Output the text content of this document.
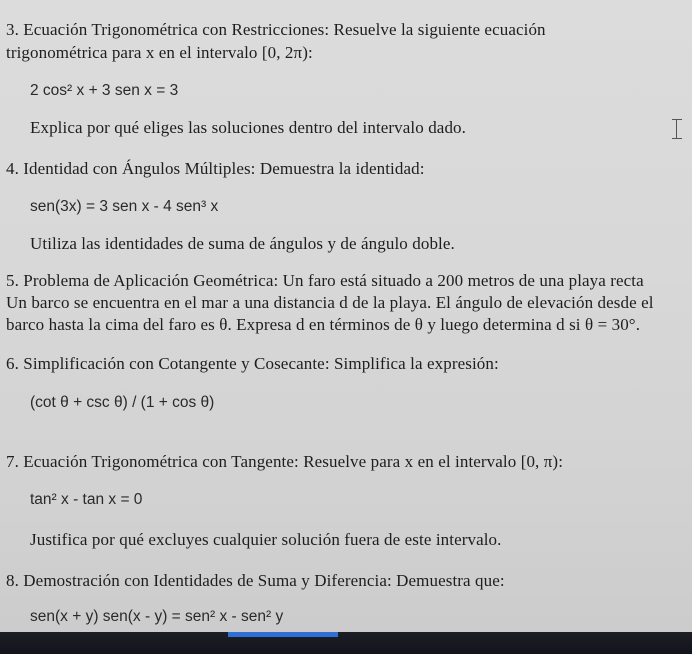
3. Ecuación Trigonométrica con Restricciones: Resuelve la siguiente ecuación
trigonométrica para x en el intervalo [0, 2π):
2 cos² x + 3 sen x = 3
Explica por qué eliges las soluciones dentro del intervalo dado.
4. Identidad con Ángulos Múltiples: Demuestra la identidad:
sen(3x) = 3 sen x - 4 sen³ x
Utiliza las identidades de suma de ángulos y de ángulo doble.
5. Problema de Aplicación Geométrica: Un faro está situado a 200 metros de una playa recta
Un barco se encuentra en el mar a una distancia d de la playa. El ángulo de elevación desde el
barco hasta la cima del faro es θ. Expresa d en términos de θ y luego determina d si θ = 30°.
6. Simplificación con Cotangente y Cosecante: Simplifica la expresión:
(cot θ + csc θ) / (1 + cos θ)
7. Ecuación Trigonométrica con Tangente: Resuelve para x en el intervalo [0, π):
tan² x - tan x = 0
Justifica por qué excluyes cualquier solución fuera de este intervalo.
8. Demostración con Identidades de Suma y Diferencia: Demuestra que:
sen(x + y) sen(x - y) = sen² x - sen² y
